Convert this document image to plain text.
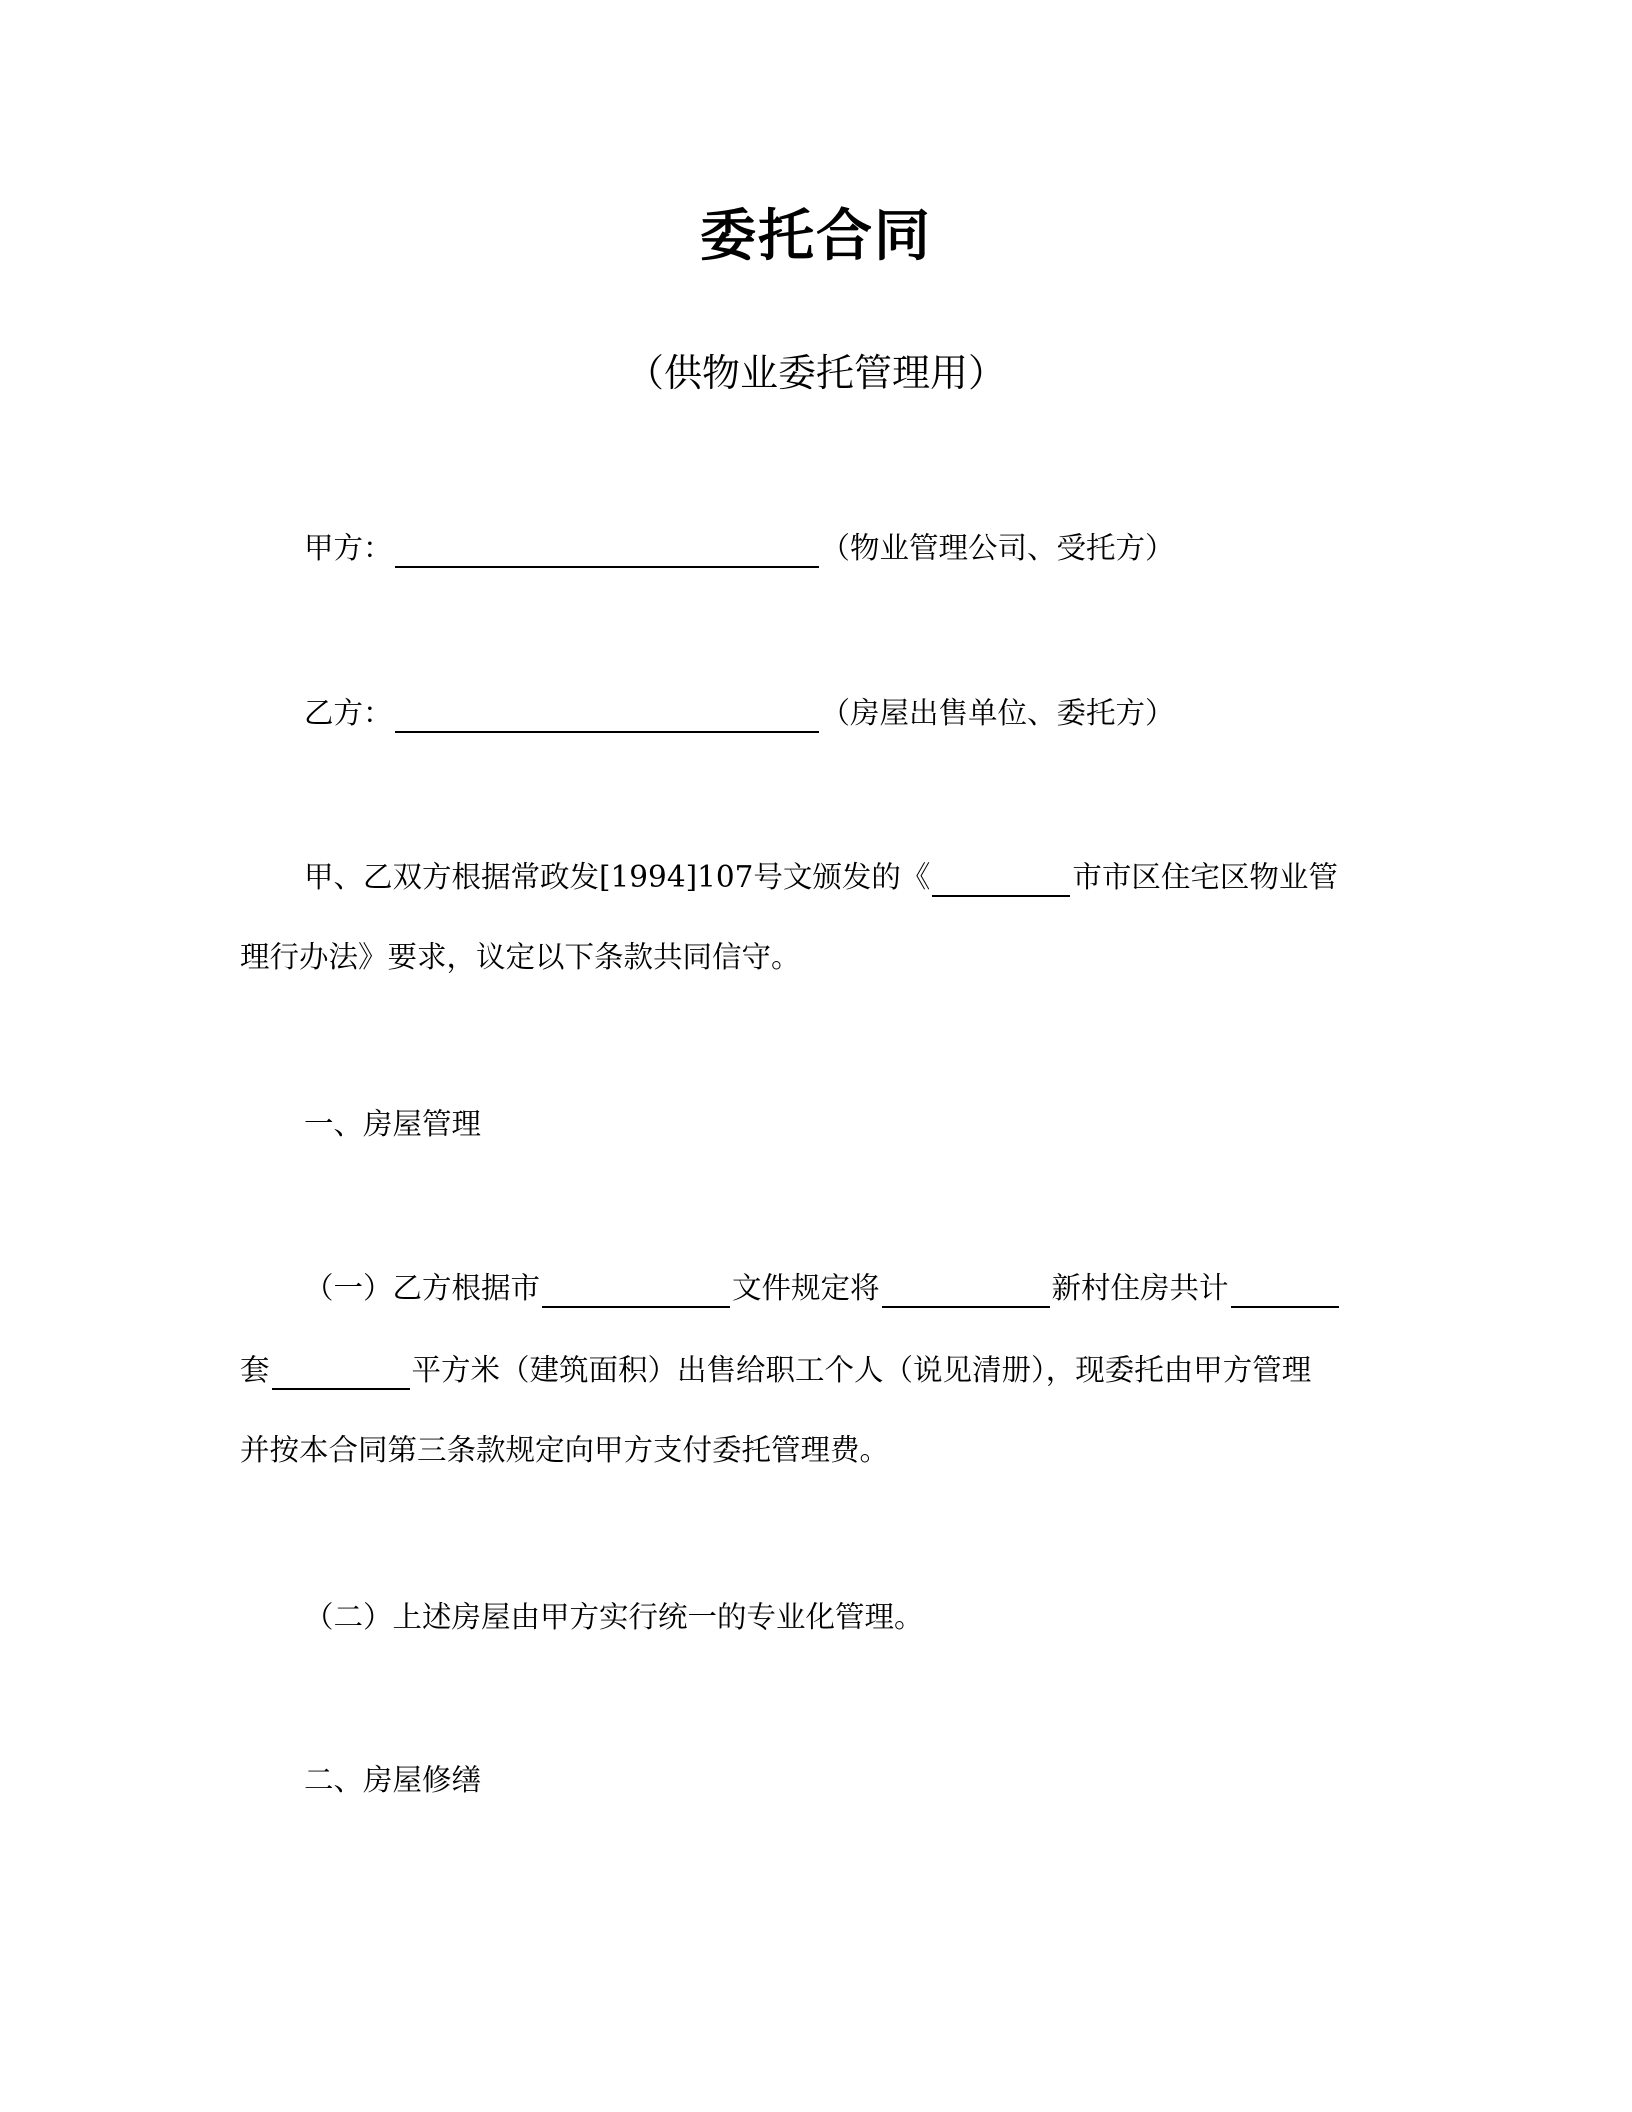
委托合同
（供物业委托管理用）
甲方：	（物业管理公司、受托方）
乙方：	（房屋出售单位、委托方）
甲、乙双方根据常政发[1994]107号文颁发的《	市市区住宅区物业管
理行办法》要求，议定以下条款共同信守。
一、房屋管理
（一）乙方根据市	文件规定将	新村住房共计
套	平方米（建筑面积）出售给职工个人（说见清册），现委托由甲方管理
并按本合同第三条款规定向甲方支付委托管理费。
（二）上述房屋由甲方实行统一的专业化管理。
二、房屋修缮
